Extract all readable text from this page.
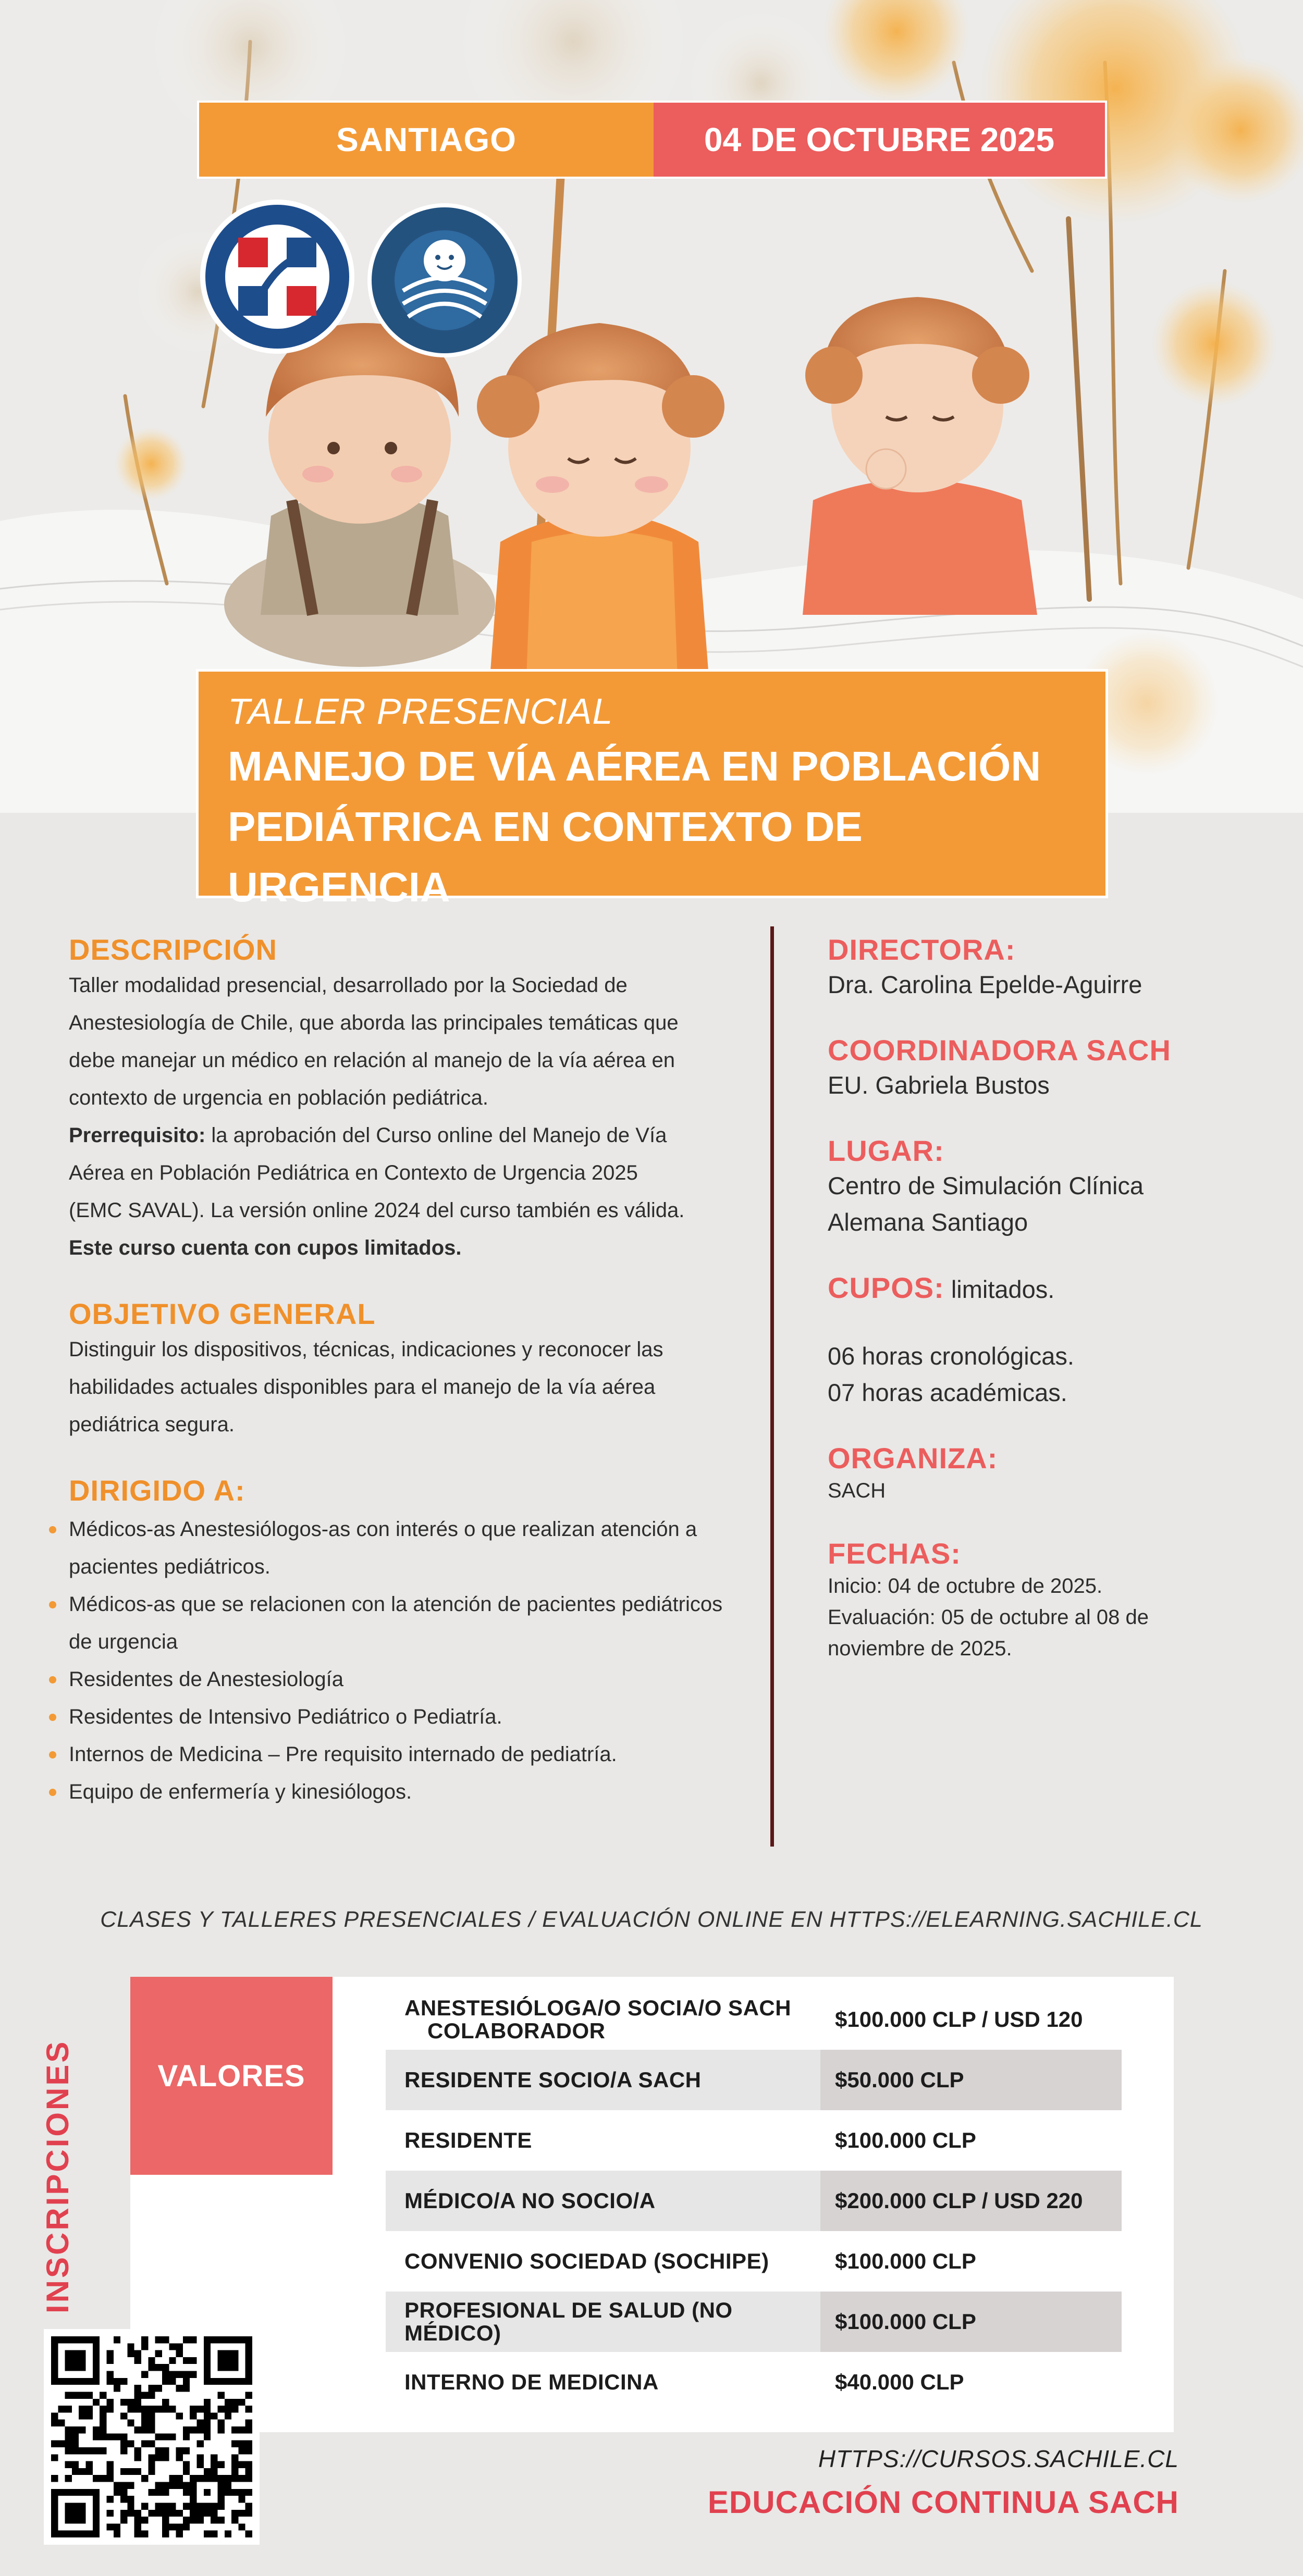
SANTIAGO	04 DE OCTUBRE 2025
TALLER PRESENCIAL
MANEJO DE VÍA AÉREA EN POBLACIÓN
PEDIÁTRICA EN CONTEXTO DE URGENCIA
DESCRIPCIÓN
Taller modalidad presencial, desarrollado por la Sociedad de
Anestesiología de Chile, que aborda las principales temáticas que
debe manejar un médico en relación al manejo de la vía aérea en
contexto de urgencia en población pediátrica.
Prerrequisito: la aprobación del Curso online del Manejo de Vía
Aérea en Población Pediátrica en Contexto de Urgencia 2025
(EMC SAVAL). La versión online 2024 del curso también es válida.
Este curso cuenta con cupos limitados.
OBJETIVO GENERAL
Distinguir los dispositivos, técnicas, indicaciones y reconocer las
habilidades actuales disponibles para el manejo de la vía aérea
pediátrica segura.
DIRIGIDO A:
Médicos-as Anestesiólogos-as con interés o que realizan atención a
pacientes pediátricos.
Médicos-as que se relacionen con la atención de pacientes pediátricos
de urgencia
Residentes de Anestesiología
Residentes de Intensivo Pediátrico o Pediatría.
Internos de Medicina – Pre requisito internado de pediatría.
Equipo de enfermería y kinesiólogos.
DIRECTORA:
Dra. Carolina Epelde-Aguirre
COORDINADORA SACH
EU. Gabriela Bustos
LUGAR:
Centro de Simulación Clínica
Alemana Santiago
CUPOS: limitados.
06 horas cronológicas.
07 horas académicas.
ORGANIZA:
SACH
FECHAS:
Inicio: 04 de octubre de 2025.
Evaluación: 05 de octubre al 08 de
noviembre de 2025.
CLASES Y TALLERES PRESENCIALES / EVALUACIÓN ONLINE EN HTTPS://ELEARNING.SACHILE.CL
VALORES
ANESTESIÓLOGA/O SOCIA/O SACH
COLABORADOR	$100.000 CLP / USD 120
RESIDENTE SOCIO/A SACH	$50.000 CLP
RESIDENTE	$100.000 CLP
MÉDICO/A NO SOCIO/A	$200.000 CLP / USD 220
CONVENIO SOCIEDAD (SOCHIPE)	$100.000 CLP
PROFESIONAL DE SALUD (NO MÉDICO)	$100.000 CLP
INTERNO DE MEDICINA	$40.000 CLP
INSCRIPCIONES
HTTPS://CURSOS.SACHILE.CL
EDUCACIÓN CONTINUA SACH
